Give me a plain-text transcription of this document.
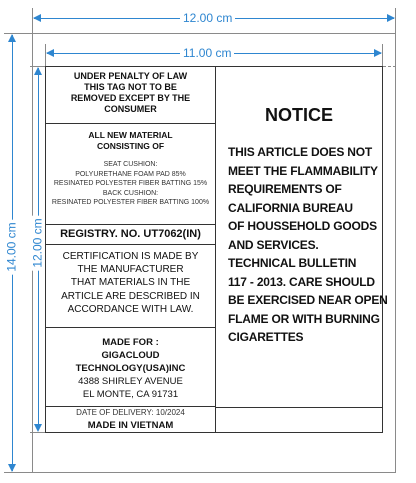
12.00 cm
11.00 cm
14.00 cm 12.00 cm
UNDER PENALTY OF LAW
THIS TAG NOT TO BE
REMOVED EXCEPT BY THE
CONSUMER
ALL NEW MATERIAL
CONSISTING OF
SEAT CUSHION:
POLYURETHANE FOAM PAD 85%
RESINATED POLYESTER FIBER BATTING 15%
BACK CUSHION:
RESINATED POLYESTER FIBER BATTING 100%
REGISTRY. NO. UT7062(IN)
CERTIFICATION IS MADE BY
THE MANUFACTURER
THAT MATERIALS IN THE
ARTICLE ARE DESCRIBED IN
ACCORDANCE WITH LAW.
MADE FOR :
GIGACLOUD
TECHNOLOGY(USA)INC
4388 SHIRLEY AVENUE
EL MONTE, CA 91731
DATE OF DELIVERY: 10/2024
MADE IN VIETNAM
NOTICE
THIS ARTICLE DOES NOT
MEET THE FLAMMABILITY
REQUIREMENTS OF
CALIFORNIA BUREAU
OF HOUSSEHOLD GOODS
AND SERVICES.
TECHNICAL BULLETIN
117 - 2013. CARE SHOULD
BE EXERCISED NEAR OPEN
FLAME OR WITH BURNING
CIGARETTES
